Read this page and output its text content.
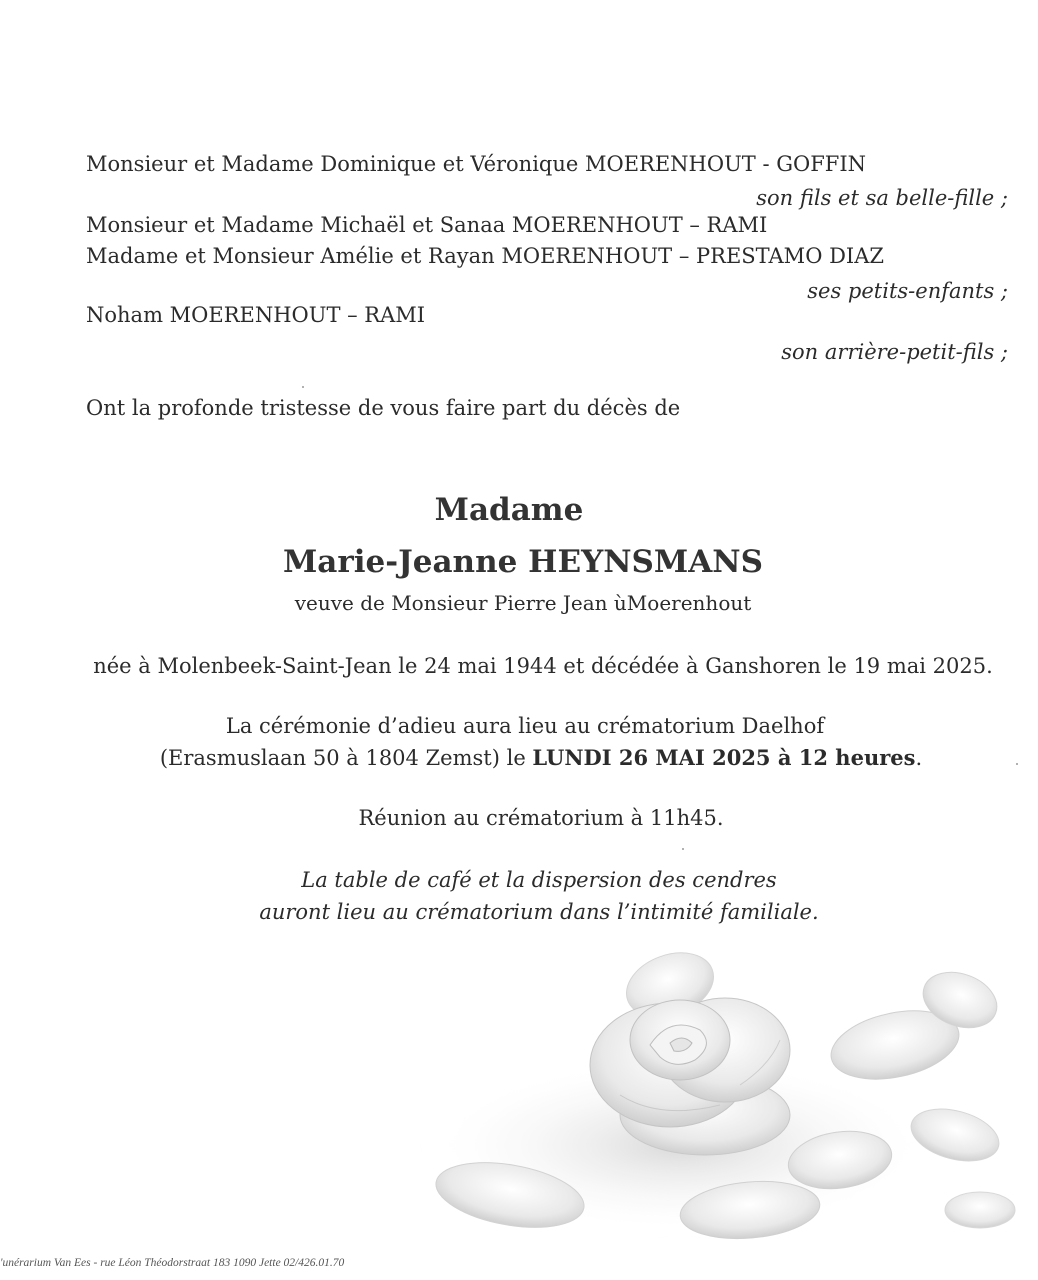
Monsieur et Madame Dominique et Véronique MOERENHOUT - GOFFIN
son fils et sa belle-fille ;
Monsieur et Madame Michaël et Sanaa MOERENHOUT – RAMI
Madame et Monsieur Amélie et Rayan MOERENHOUT – PRESTAMO DIAZ
ses petits-enfants ;
Noham MOERENHOUT – RAMI
son arrière-petit-fils ;
Ont la profonde tristesse de vous faire part du décès de
Madame
Marie-Jeanne HEYNSMANS
veuve de Monsieur Pierre Jean ùMoerenhout
née à Molenbeek-Saint-Jean le 24 mai 1944 et décédée à Ganshoren le 19 mai 2025.
La cérémonie d’adieu aura lieu au crématorium Daelhof
(Erasmuslaan 50 à 1804 Zemst) le LUNDI 26 MAI 2025 à 12 heures.
Réunion au crématorium à 11h45.
La table de café et la dispersion des cendres
auront lieu au crématorium dans l’intimité familiale.
'unérarium Van Ees - rue Léon Théodorstraat 183 1090 Jette 02/426.01.70
